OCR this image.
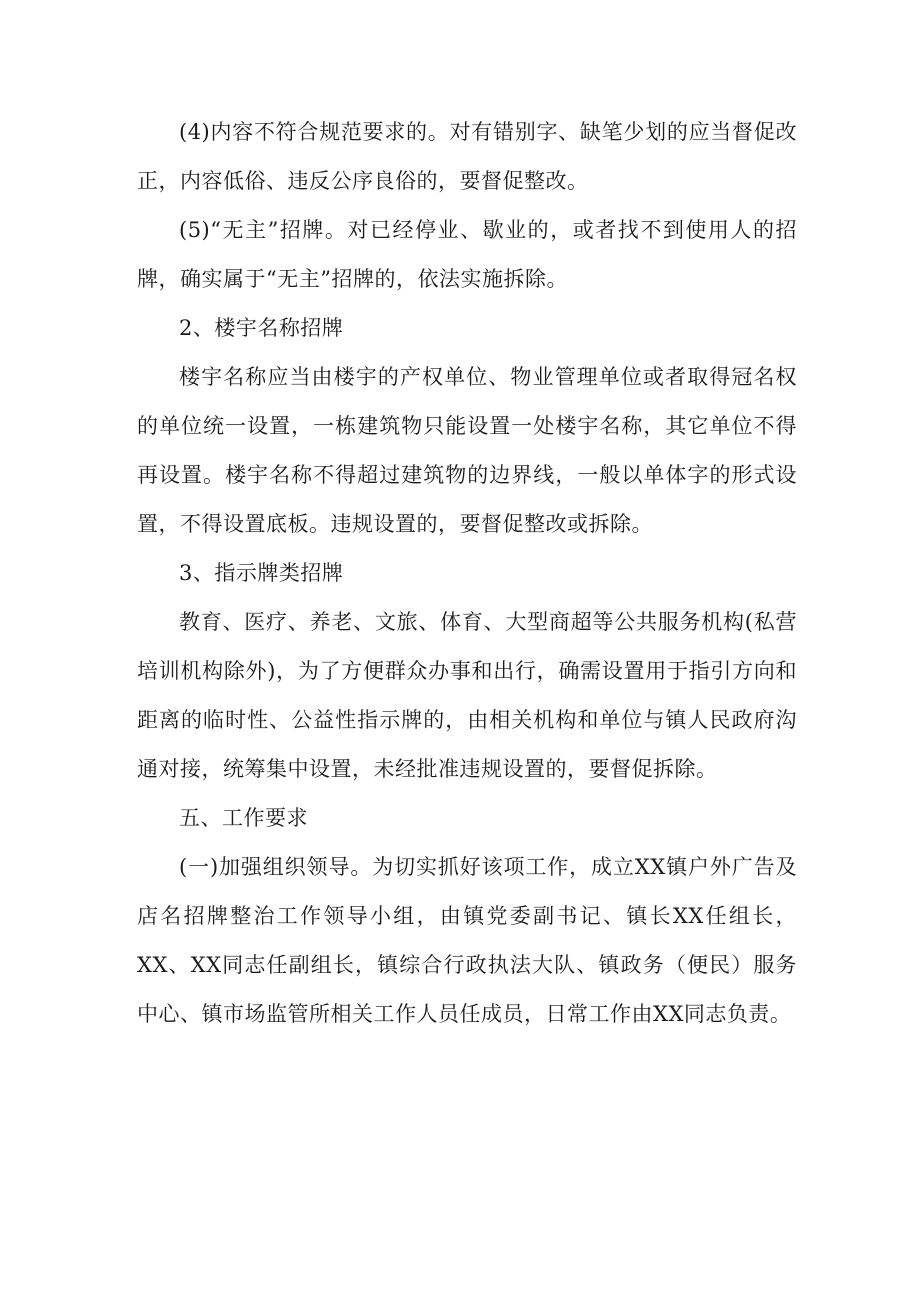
(4)内容不符合规范要求的。对有错别字、缺笔少划的应当督促改正，内容低俗、违反公序良俗的，要督促整改。

(5)“无主”招牌。对已经停业、歇业的，或者找不到使用人的招牌，确实属于“无主”招牌的，依法实施拆除。

2、楼宇名称招牌

楼宇名称应当由楼宇的产权单位、物业管理单位或者取得冠名权的单位统一设置，一栋建筑物只能设置一处楼宇名称，其它单位不得再设置。楼宇名称不得超过建筑物的边界线，一般以单体字的形式设置，不得设置底板。违规设置的，要督促整改或拆除。

3、指示牌类招牌

教育、医疗、养老、文旅、体育、大型商超等公共服务机构(私营培训机构除外)，为了方便群众办事和出行，确需设置用于指引方向和距离的临时性、公益性指示牌的，由相关机构和单位与镇人民政府沟通对接，统筹集中设置，未经批准违规设置的，要督促拆除。

五、工作要求

(一)加强组织领导。为切实抓好该项工作，成立XX镇户外广告及店名招牌整治工作领导小组，由镇党委副书记、镇长XX任组长，XX、XX同志任副组长，镇综合行政执法大队、镇政务（便民）服务中心、镇市场监管所相关工作人员任成员，日常工作由XX同志负责。
